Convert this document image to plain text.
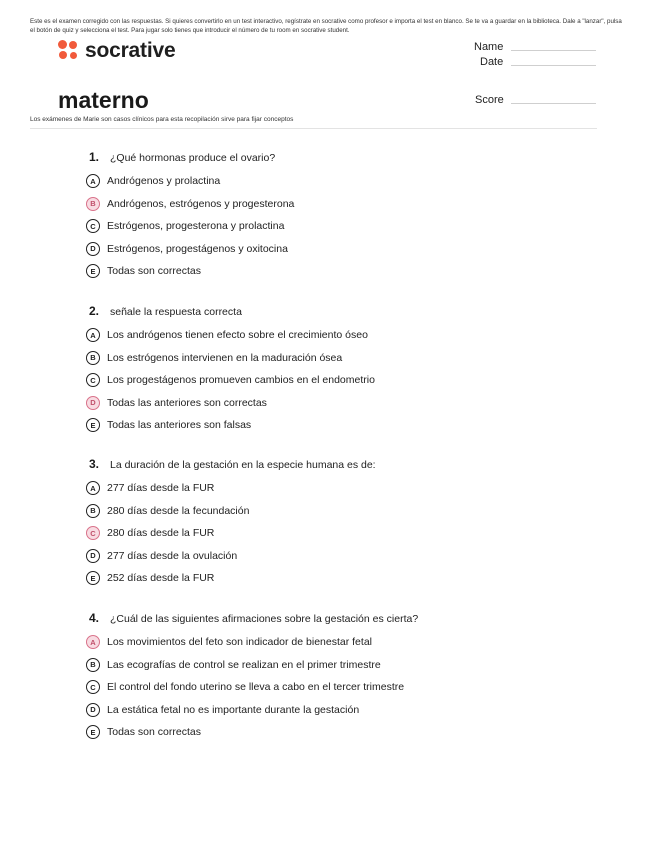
Este es el examen corregido con las respuestas. Si quieres convertirlo en un test interactivo, regístrate en socrative como profesor e importa el test en blanco. Se te va a guardar en la biblioteca. Dale a "lanzar", pulsa el botón de quiz y selecciona el test. Para jugar solo tienes que introducir el número de tu room en socrative student.
socrative	Name
Date
Score
materno
Los exámenes de Marie son casos clínicos para esta recopilación sirve para fijar conceptos
1.	¿Qué hormonas produce el ovario?
A	Andrógenos y prolactina
B	Andrógenos, estrógenos y progesterona
C	Estrógenos, progesterona y prolactina
D	Estrógenos, progestágenos y oxitocina
E	Todas son correctas
2.	señale la respuesta correcta
A	Los andrógenos tienen efecto sobre el crecimiento óseo
B	Los estrógenos intervienen en la maduración ósea
C	Los progestágenos promueven cambios en el endometrio
D	Todas las anteriores son correctas
E	Todas las anteriores son falsas
3.	La duración de la gestación en la especie humana es de:
A	277 días desde la FUR
B	280 días desde la fecundación
C	280 días desde la FUR
D	277 días desde la ovulación
E	252 días desde la FUR
4.	¿Cuál de las siguientes afirmaciones sobre la gestación es cierta?
A	Los movimientos del feto son indicador de bienestar fetal
B	Las ecografías de control se realizan en el primer trimestre
C	El control del fondo uterino se lleva a cabo en el tercer trimestre
D	La estática fetal no es importante durante la gestación
E	Todas son correctas
